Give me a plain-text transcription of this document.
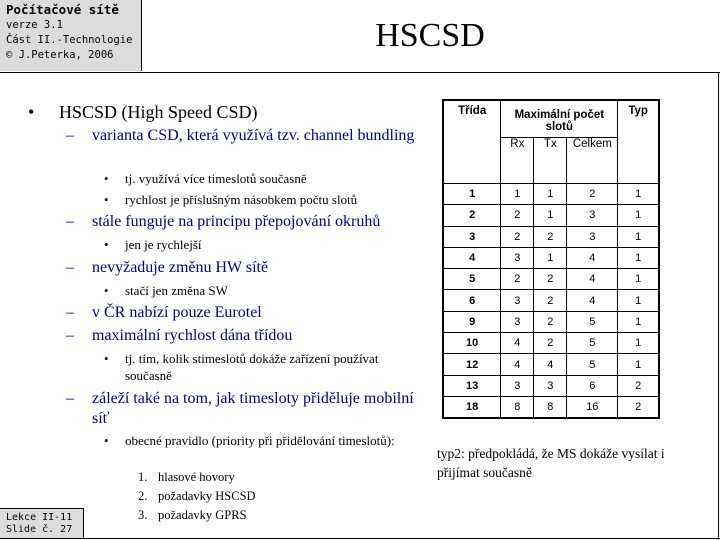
Počítačové sítě
verze 3.1
Část II.-Technologie
© J.Peterka, 2006
HSCSD
• HSCSD (High Speed CSD)
– varianta CSD, která využívá tzv. channel bundling
• tj. využívá více timeslotů současně
• rychlost je příslušným násobkem počtu slotů
– stále funguje na principu přepojování okruhů
• jen je rychlejší
– nevyžaduje změnu HW sítě
• stačí jen změna SW
– v ČR nabízí pouze Eurotel
– maximální rychlost dána třídou
• tj. tím, kolik stimeslotů dokáže zařízení používat současně
– záleží také na tom, jak timesloty přiděluje mobilní síť
• obecné pravidlo (priority při přidělování timeslotů):
1. hlasové hovory
2. požadavky HSCSD
3. požadavky GPRS
Třída	Maximální počet slotů			Typ
	Rx	Tx	Celkem	
1	1	1	2	1
2	2	1	3	1
3	2	2	3	1
4	3	1	4	1
5	2	2	4	1
6	3	2	4	1
9	3	2	5	1
10	4	2	5	1
12	4	4	5	1
13	3	3	6	2
18	8	8	16	2
typ2: předpokládá, že MS dokáže vysílat i přijímat současně
Lekce II-11
Slide č. 27
